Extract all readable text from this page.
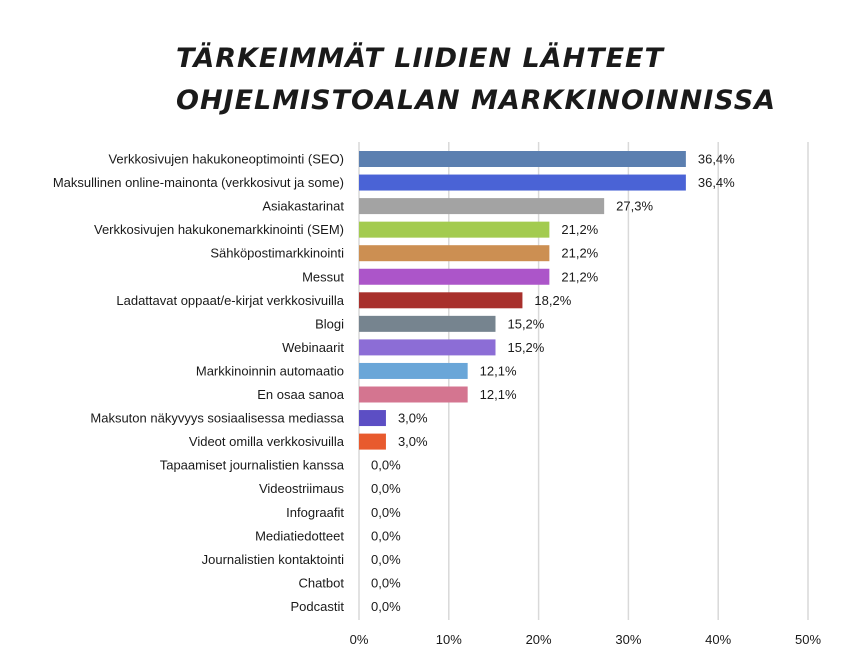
TÄRKEIMMÄT LIIDIEN LÄHTEET
OHJELMISTOALAN MARKKINOINNISSA
0%	10%	20%	30%	40%	50%
Verkkosivujen hakukoneoptimointi (SEO)	36,4%
Maksullinen online-mainonta (verkkosivut ja some)	36,4%
Asiakastarinat	27,3%
Verkkosivujen hakukonemarkkinointi (SEM)	21,2%
Sähköpostimarkkinointi	21,2%
Messut	21,2%
Ladattavat oppaat/e-kirjat verkkosivuilla	18,2%
Blogi	15,2%
Webinaarit	15,2%
Markkinoinnin automaatio	12,1%
En osaa sanoa	12,1%
Maksuton näkyvyys sosiaalisessa mediassa	3,0%
Videot omilla verkkosivuilla	3,0%
Tapaamiset journalistien kanssa 0,0%
Videostriimaus 0,0%
Infograafit 0,0%
Mediatiedotteet 0,0%
Journalistien kontaktointi 0,0%
Chatbot 0,0%
Podcastit 0,0%
